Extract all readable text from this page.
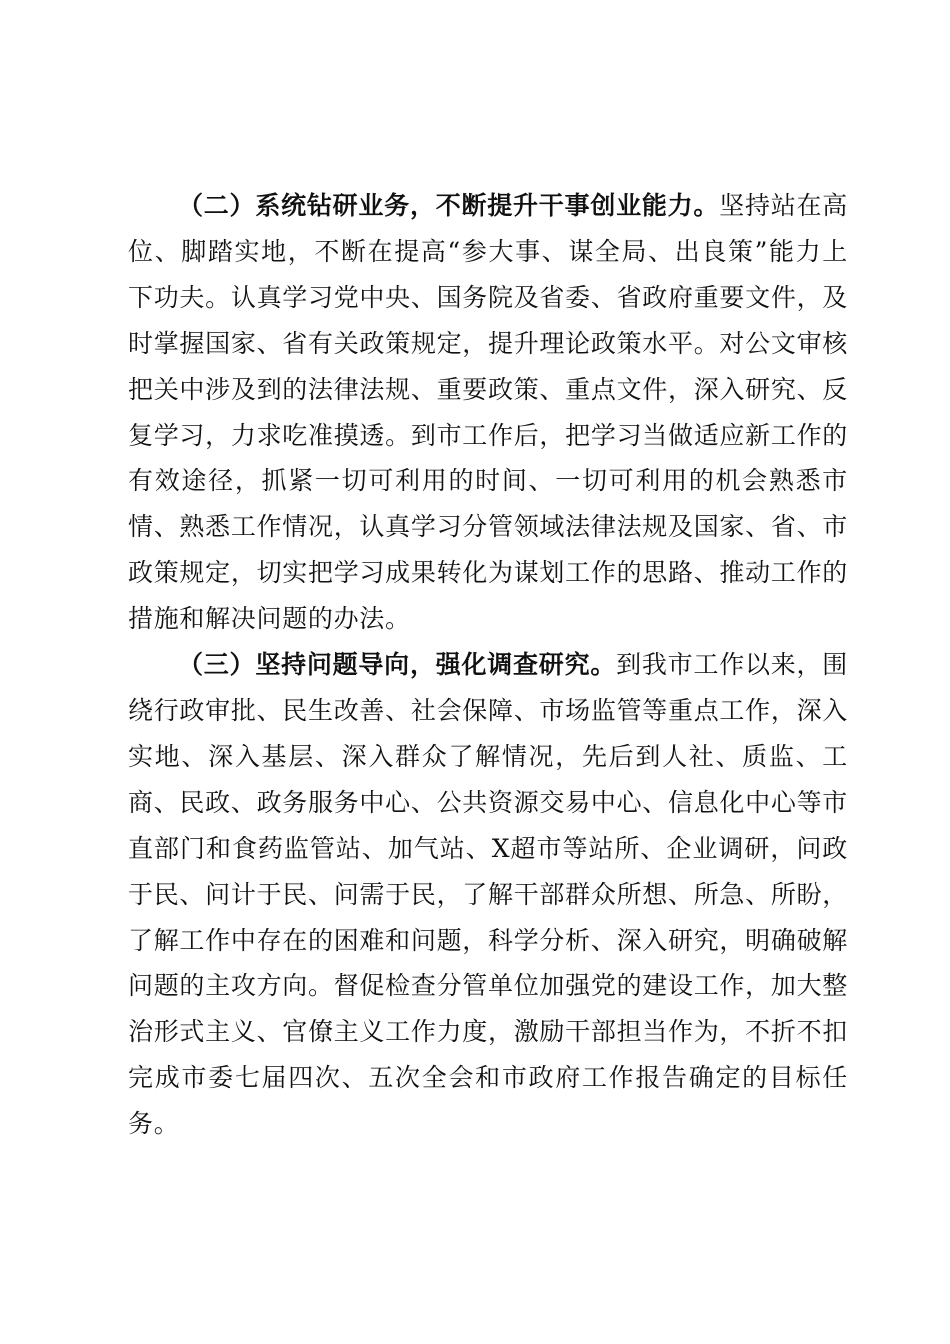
（二）系统钻研业务，不断提升干事创业能力。坚持站在高位、脚踏实地，不断在提高“参大事、谋全局、出良策”能力上下功夫。认真学习党中央、国务院及省委、省政府重要文件，及时掌握国家、省有关政策规定，提升理论政策水平。对公文审核把关中涉及到的法律法规、重要政策、重点文件，深入研究、反复学习，力求吃准摸透。到市工作后，把学习当做适应新工作的有效途径，抓紧一切可利用的时间、一切可利用的机会熟悉市情、熟悉工作情况，认真学习分管领域法律法规及国家、省、市政策规定，切实把学习成果转化为谋划工作的思路、推动工作的措施和解决问题的办法。

（三）坚持问题导向，强化调查研究。到我市工作以来，围绕行政审批、民生改善、社会保障、市场监管等重点工作，深入实地、深入基层、深入群众了解情况，先后到人社、质监、工商、民政、政务服务中心、公共资源交易中心、信息化中心等市直部门和食药监管站、加气站、X超市等站所、企业调研，问政于民、问计于民、问需于民，了解干部群众所想、所急、所盼，了解工作中存在的困难和问题，科学分析、深入研究，明确破解问题的主攻方向。督促检查分管单位加强党的建设工作，加大整治形式主义、官僚主义工作力度，激励干部担当作为，不折不扣完成市委七届四次、五次全会和市政府工作报告确定的目标任务。
